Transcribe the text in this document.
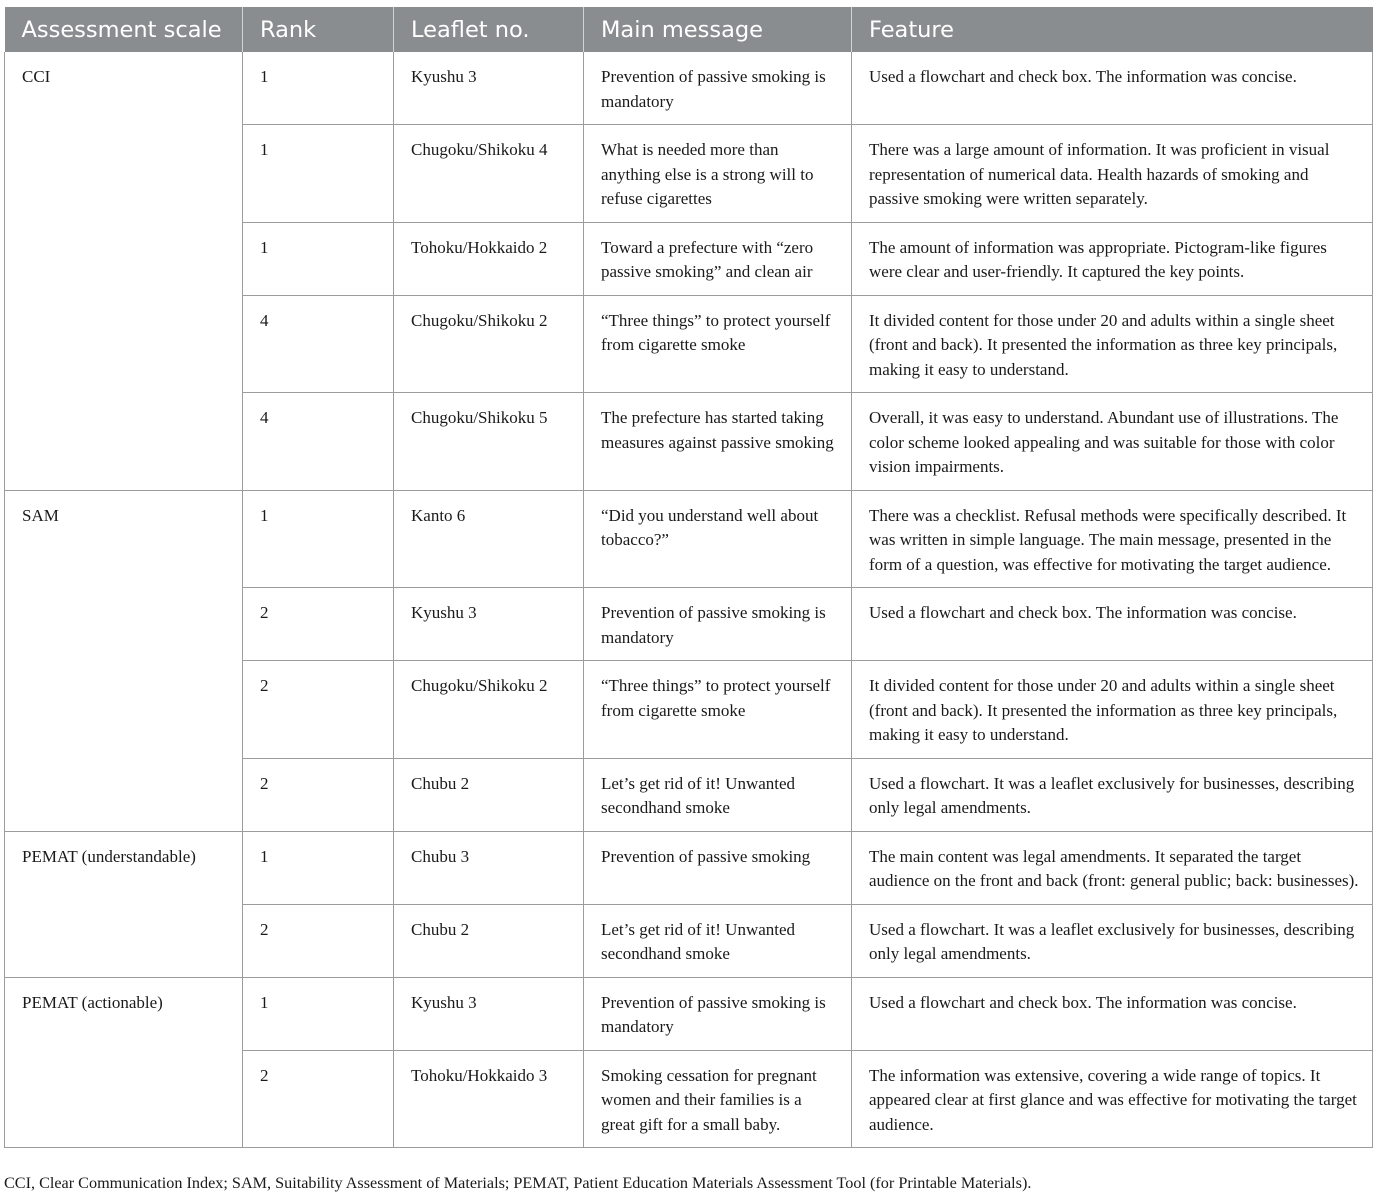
Assessment scale	Rank	Leaflet no.	Main message	Feature
CCI	1	Kyushu 3	Prevention of passive smoking is mandatory	Used a flowchart and check box. The information was concise.
	1	Chugoku/Shikoku 4	What is needed more than anything else is a strong will to refuse cigarettes	There was a large amount of information. It was proficient in visual representation of numerical data. Health hazards of smoking and passive smoking were written separately.
	1	Tohoku/Hokkaido 2	Toward a prefecture with “zero passive smoking” and clean air	The amount of information was appropriate. Pictogram-like figures were clear and user-friendly. It captured the key points.
	4	Chugoku/Shikoku 2	“Three things” to protect yourself from cigarette smoke	It divided content for those under 20 and adults within a single sheet (front and back). It presented the information as three key principals, making it easy to understand.
	4	Chugoku/Shikoku 5	The prefecture has started taking measures against passive smoking	Overall, it was easy to understand. Abundant use of illustrations. The color scheme looked appealing and was suitable for those with color vision impairments.
SAM	1	Kanto 6	“Did you understand well about tobacco?”	There was a checklist. Refusal methods were specifically described. It was written in simple language. The main message, presented in the form of a question, was effective for motivating the target audience.
	2	Kyushu 3	Prevention of passive smoking is mandatory	Used a flowchart and check box. The information was concise.
	2	Chugoku/Shikoku 2	“Three things” to protect yourself from cigarette smoke	It divided content for those under 20 and adults within a single sheet (front and back). It presented the information as three key principals, making it easy to understand.
	2	Chubu 2	Let’s get rid of it! Unwanted secondhand smoke	Used a flowchart. It was a leaflet exclusively for businesses, describing only legal amendments.
PEMAT (understandable)	1	Chubu 3	Prevention of passive smoking	The main content was legal amendments. It separated the target audience on the front and back (front: general public; back: businesses).
	2	Chubu 2	Let’s get rid of it! Unwanted secondhand smoke	Used a flowchart. It was a leaflet exclusively for businesses, describing only legal amendments.
PEMAT (actionable)	1	Kyushu 3	Prevention of passive smoking is mandatory	Used a flowchart and check box. The information was concise.
	2	Tohoku/Hokkaido 3	Smoking cessation for pregnant women and their families is a great gift for a small baby.	The information was extensive, covering a wide range of topics. It appeared clear at first glance and was effective for motivating the target audience.
CCI, Clear Communication Index; SAM, Suitability Assessment of Materials; PEMAT, Patient Education Materials Assessment Tool (for Printable Materials).
